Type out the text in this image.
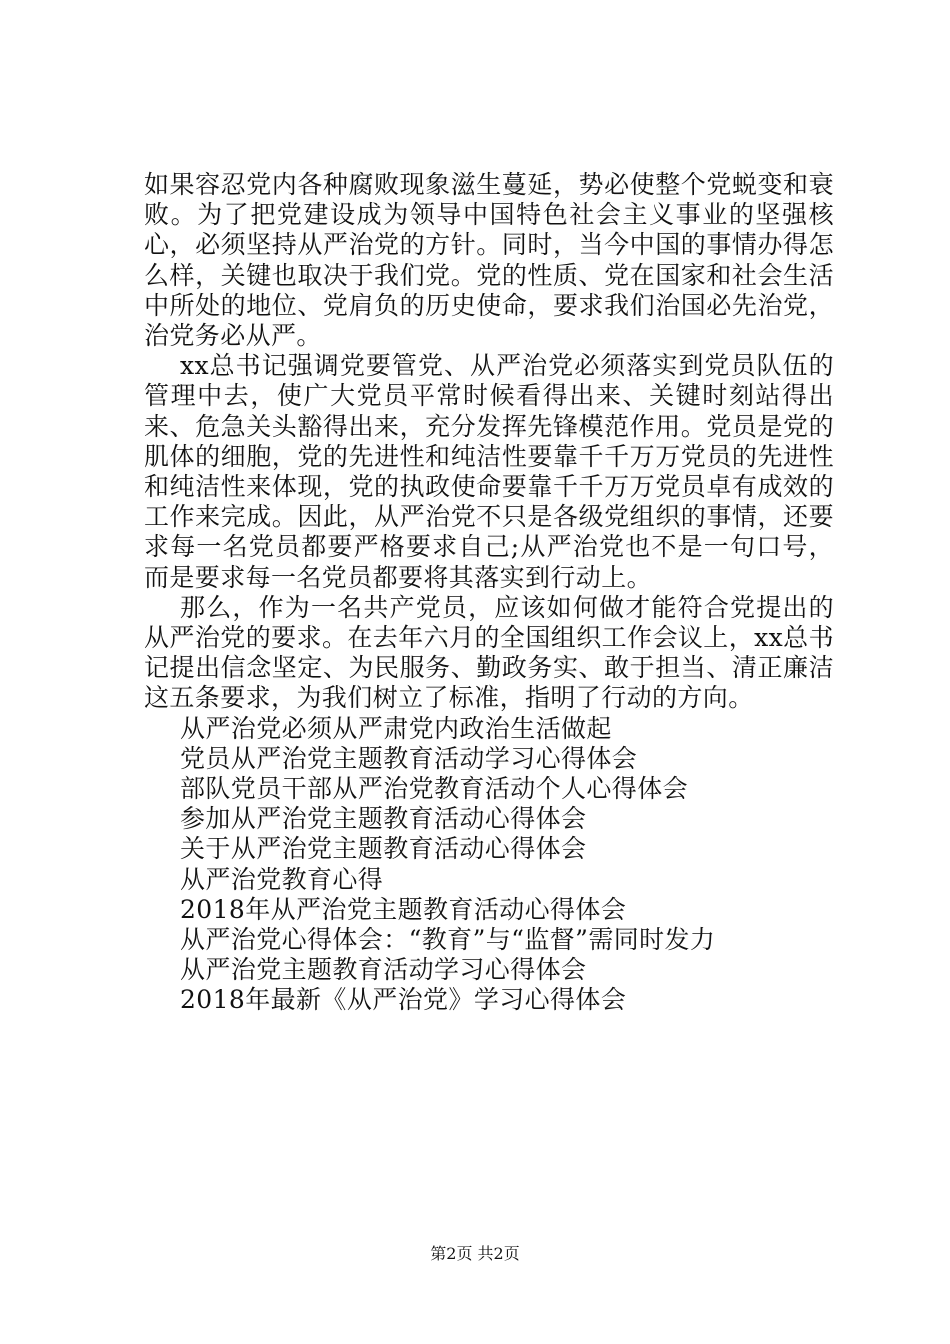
如果容忍党内各种腐败现象滋生蔓延，势必使整个党蜕变和衰败。为了把党建设成为领导中国特色社会主义事业的坚强核心，必须坚持从严治党的方针。同时，当今中国的事情办得怎么样，关键也取决于我们党。党的性质、党在国家和社会生活中所处的地位、党肩负的历史使命，要求我们治国必先治党，治党务必从严。

xx总书记强调党要管党、从严治党必须落实到党员队伍的管理中去，使广大党员平常时候看得出来、关键时刻站得出来、危急关头豁得出来，充分发挥先锋模范作用。党员是党的肌体的细胞，党的先进性和纯洁性要靠千千万万党员的先进性和纯洁性来体现，党的执政使命要靠千千万万党员卓有成效的工作来完成。因此，从严治党不只是各级党组织的事情，还要求每一名党员都要严格要求自己;从严治党也不是一句口号，而是要求每一名党员都要将其落实到行动上。

那么，作为一名共产党员，应该如何做才能符合党提出的从严治党的要求。在去年六月的全国组织工作会议上，xx总书记提出信念坚定、为民服务、勤政务实、敢于担当、清正廉洁这五条要求，为我们树立了标准，指明了行动的方向。

从严治党必须从严肃党内政治生活做起
党员从严治党主题教育活动学习心得体会
部队党员干部从严治党教育活动个人心得体会
参加从严治党主题教育活动心得体会
关于从严治党主题教育活动心得体会
从严治党教育心得
2018年从严治党主题教育活动心得体会
从严治党心得体会：“教育”与“监督”需同时发力
从严治党主题教育活动学习心得体会
2018年最新《从严治党》学习心得体会
第2页 共2页
